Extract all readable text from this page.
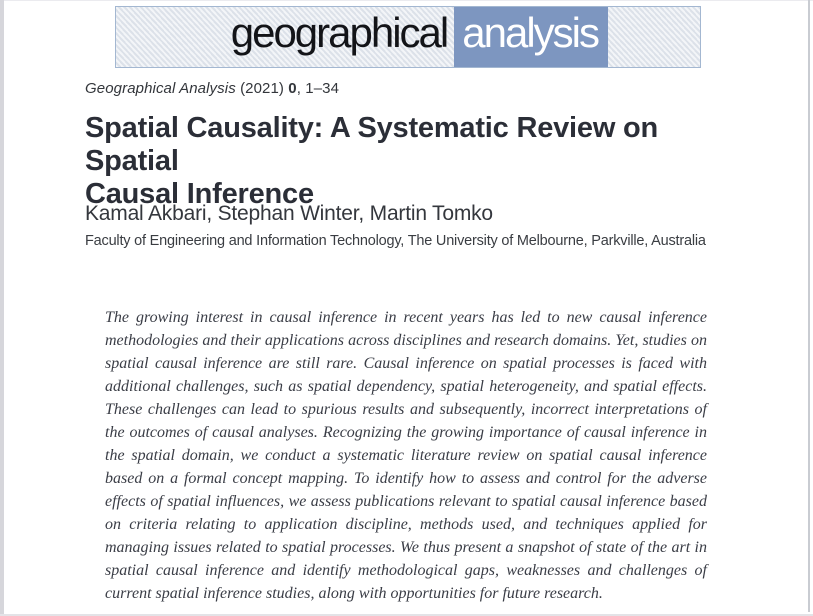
geographical analysis
Geographical Analysis (2021) 0, 1–34
Spatial Causality: A Systematic Review on Spatial
Causal Inference
Kamal Akbari, Stephan Winter, Martin Tomko
Faculty of Engineering and Information Technology, The University of Melbourne, Parkville, Australia
The growing interest in causal inference in recent years has led to new causal inference methodologies and their applications across disciplines and research domains. Yet, studies on spatial causal inference are still rare. Causal inference on spatial processes is faced with additional challenges, such as spatial dependency, spatial heterogeneity, and spatial effects. These challenges can lead to spurious results and subsequently, incorrect interpretations of the outcomes of causal analyses. Recognizing the growing importance of causal inference in the spatial domain, we conduct a systematic literature review on spatial causal inference based on a formal concept mapping. To identify how to assess and control for the adverse effects of spatial influences, we assess publications relevant to spatial causal inference based on criteria relating to application discipline, methods used, and techniques applied for managing issues related to spatial processes. We thus present a snapshot of state of the art in spatial causal inference and identify methodological gaps, weaknesses and challenges of current spatial inference studies, along with opportunities for future research.
